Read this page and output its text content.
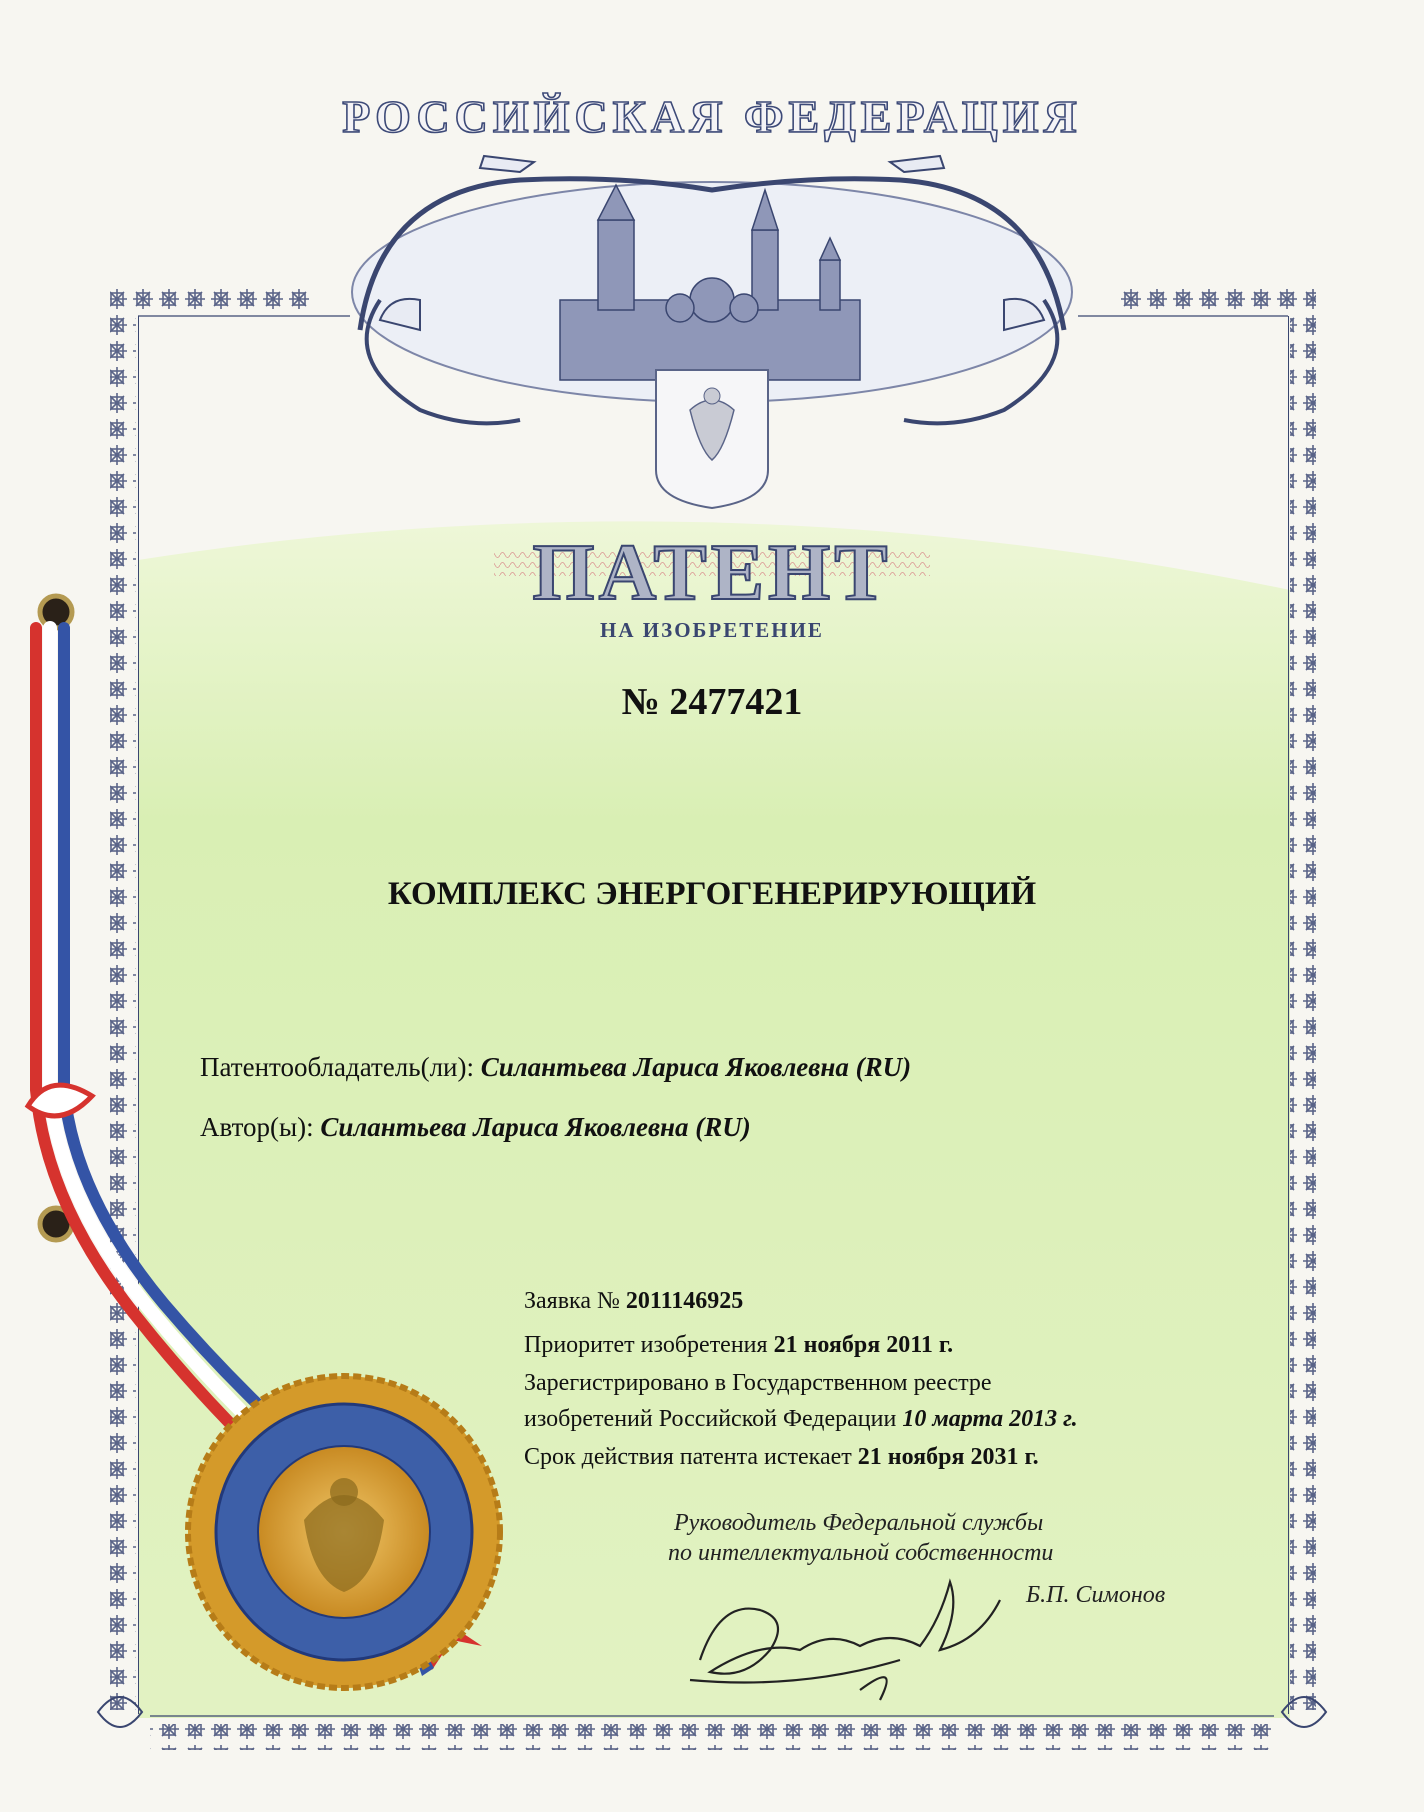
РОССИЙСКАЯ ФЕДЕРАЦИЯ
ПАТЕНТ
НА ИЗОБРЕТЕНИЕ
№ 2477421
КОМПЛЕКС ЭНЕРГОГЕНЕРИРУЮЩИЙ
Патентообладатель(ли): Силантьева Лариса Яковлевна (RU)
Автор(ы): Силантьева Лариса Яковлевна (RU)
Заявка № 2011146925
Приоритет изобретения 21 ноября 2011 г.
Зарегистрировано в Государственном реестре
изобретений Российской Федерации 10 марта 2013 г.
Срок действия патента истекает 21 ноября 2031 г.
Руководитель Федеральной службы
по интеллектуальной собственности
Б.П. Симонов
